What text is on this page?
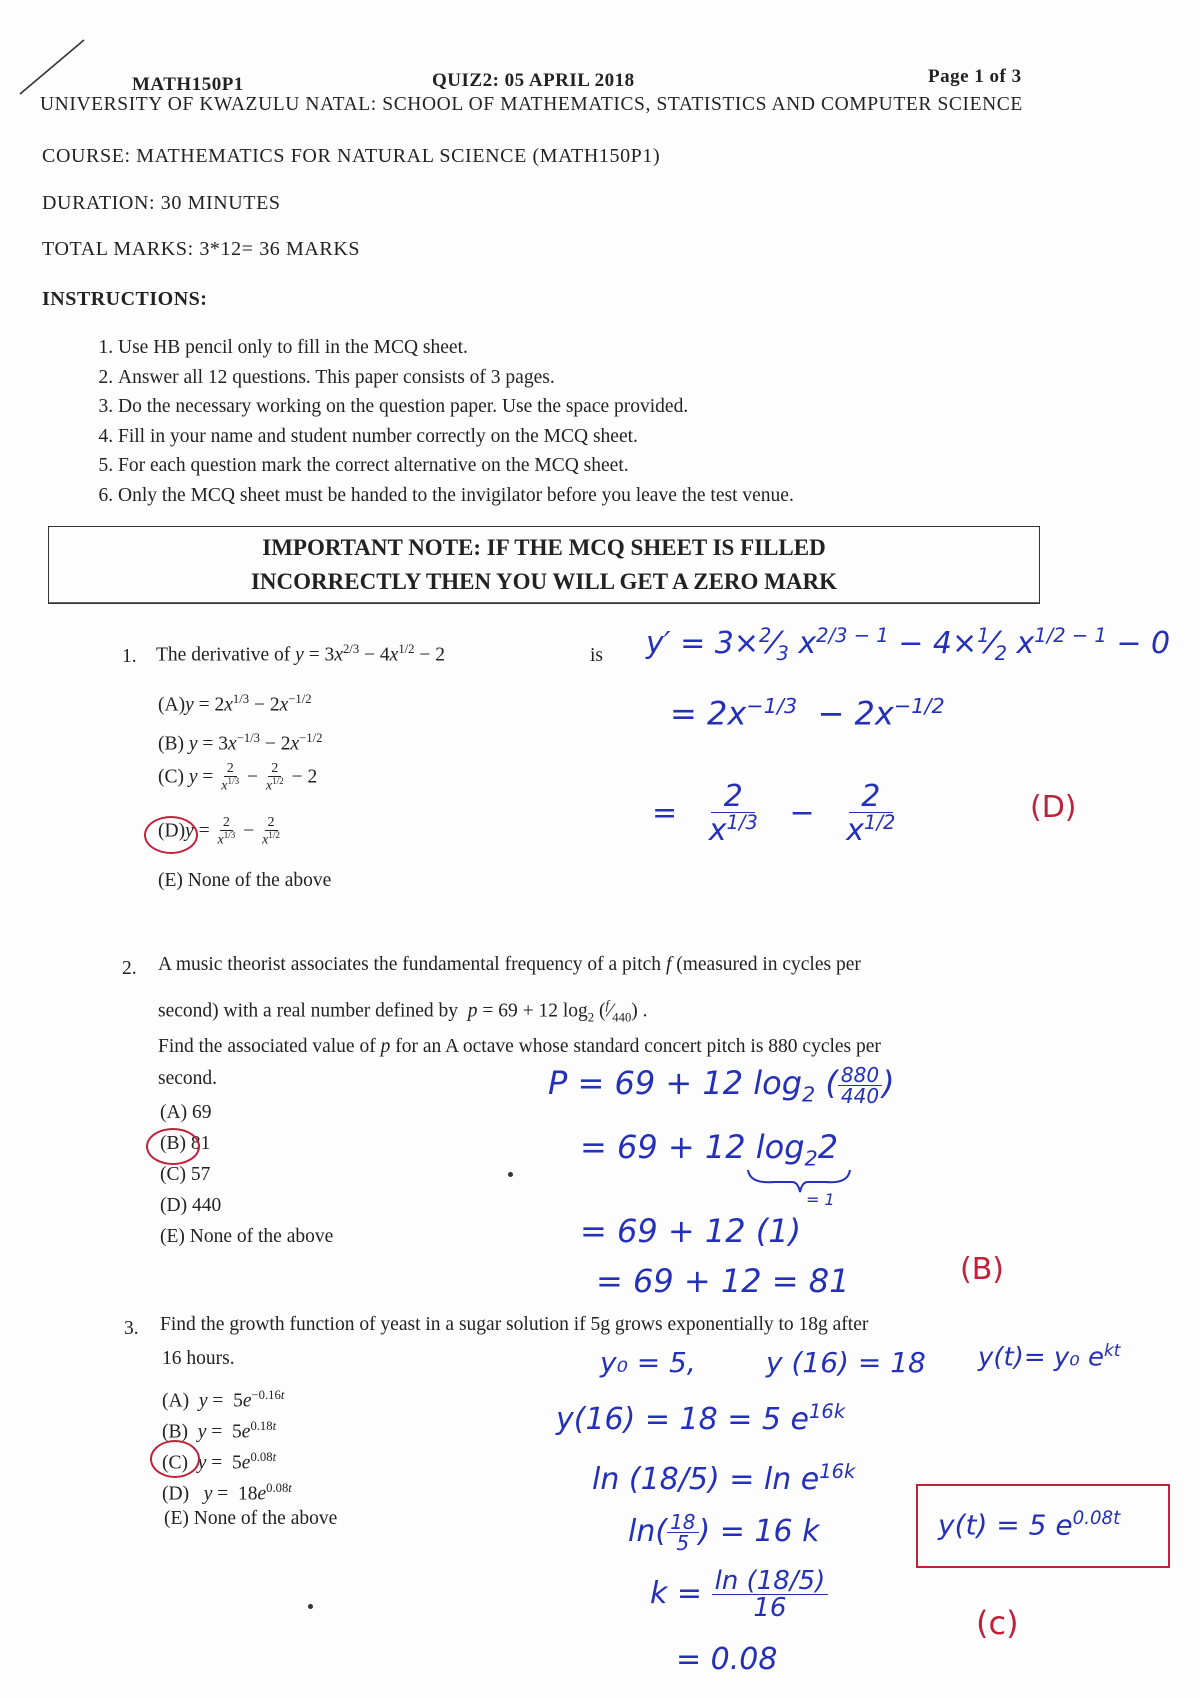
MATH150P1	QUIZ2: 05 APRIL 2018	Page 1 of 3
UNIVERSITY OF KWAZULU NATAL: SCHOOL OF MATHEMATICS, STATISTICS AND COMPUTER SCIENCE
COURSE: MATHEMATICS FOR NATURAL SCIENCE (MATH150P1)
DURATION: 30 MINUTES
TOTAL MARKS: 3*12= 36 MARKS
INSTRUCTIONS:
1. Use HB pencil only to fill in the MCQ sheet.
2. Answer all 12 questions. This paper consists of 3 pages.
3. Do the necessary working on the question paper. Use the space provided.
4. Fill in your name and student number correctly on the MCQ sheet.
5. For each question mark the correct alternative on the MCQ sheet.
6. Only the MCQ sheet must be handed to the invigilator before you leave the test venue.
IMPORTANT NOTE: IF THE MCQ SHEET IS FILLED
INCORRECTLY THEN YOU WILL GET A ZERO MARK
1. The derivative of $y = 3x^{2/3} - 4x^{1/2} - 2$	is
$(A)y = 2x^{1/3} - 2x^{-1/2}$
(B) $y = 3x^{-1/3} - 2x^{-1/2}$
(C) $y = \frac{2}{x^{1/3}} - \frac{2}{x^{1/2}} - 2$
$(D)y = \frac{2}{x^{1/3}} - \frac{2}{x^{1/2}}$
(E) None of the above
$y' = 3\times^2⁄_3$ $x^{2/3 - 1}$ − $4\times^1⁄_2$ $x^{1/2 - 1} - 0$
= $2x^{-1/3} - 2x^{-1/2}$
= $\frac{2}{x^{1/3}} - \frac{2}{x^{1/2}}$	(D)
2. A music theorist associates the fundamental frequency of a pitch f (measured in cycles per
second) with a real number defined by p = 69 + 12 $\log_2$ $(^f⁄_{440})$ .
Find the associated value of p for an A octave whose standard concert pitch is 880 cycles per
second.
(A) 69
(B) 81
(C) 57
(D) 440
(E) None of the above
P = 69 + 12 $\log_2$ ( $\frac{880}{440}$ )
= 69 + 12 $\log_22$
= 1
= 69 + 12 (1)
= 69 + 12 = 81	(B)
3. Find the growth function of yeast in a sugar solution if 5g grows exponentially to 18g after
16 hours.
(A)  $y = 5e^{-0.16t}$
(B)  $y = 5e^{0.18t}$
(C)  $y = 5e^{0.08t}$
(D)   $y = 18e^{0.08t}$
(E) None of the above
y₀ = 5,	y (16) = 18 y(t)= y₀ $e^{kt}$
y(16) = 18 = 5 $e^{16k}$
$\ln (18/5) = \ln e^{16k}$
$\ln( \frac{18}{5}$ ) = 16 k
$k = \frac{\ln (18/5)}{16}$
= 0.08
y(t) = 5 $e^{0.08t}$
(c)
